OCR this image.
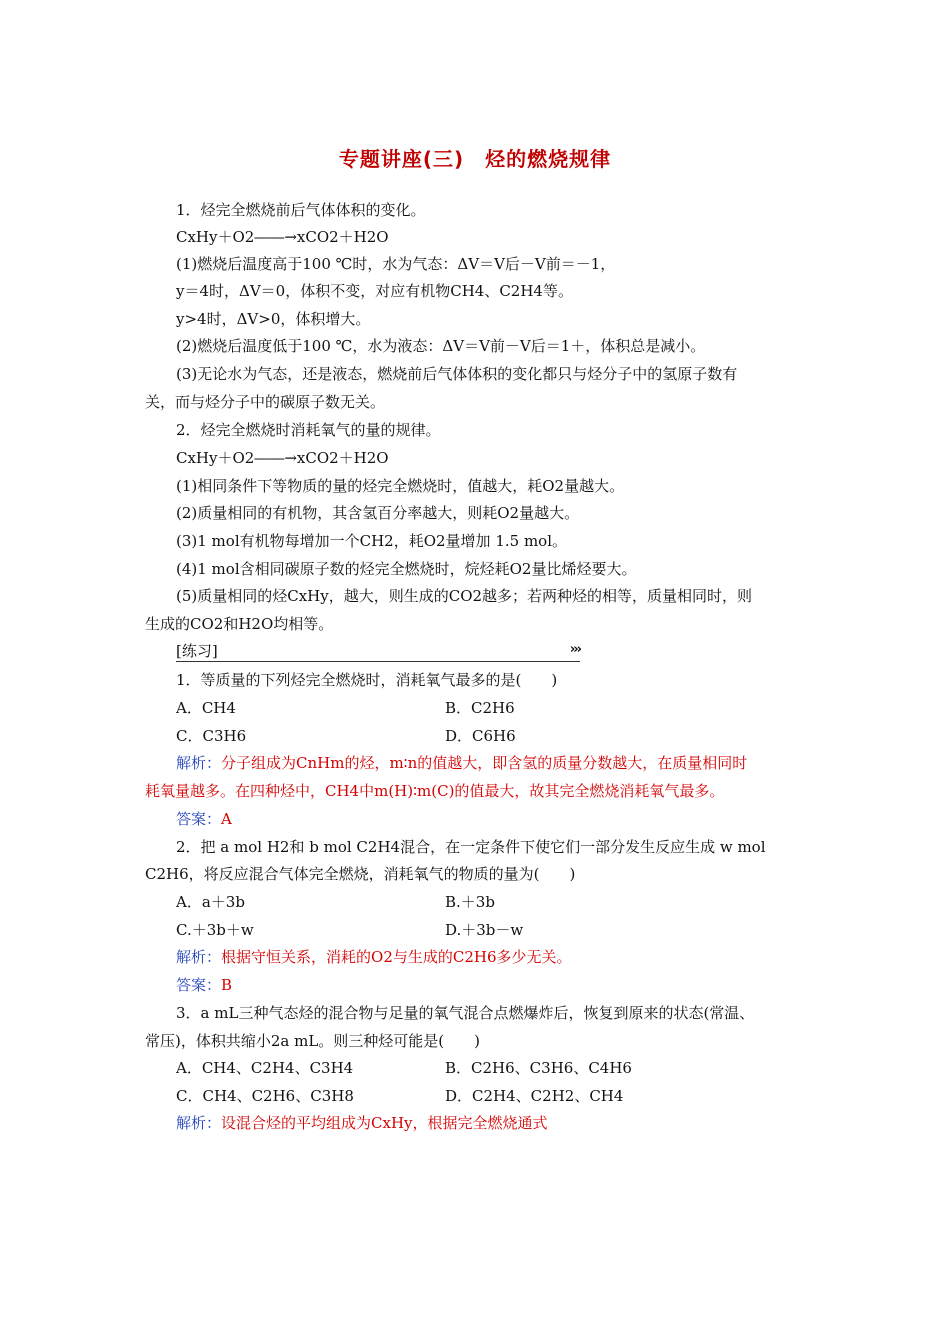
专题讲座(三)　烃的燃烧规律
1．烃完全燃烧前后气体体积的变化。
CxHy＋O2――→xCO2＋H2O
(1)燃烧后温度高于100 ℃时，水为气态：ΔV＝V后－V前＝－1，
y＝4时，ΔV＝0，体积不变，对应有机物CH4、C2H4等。
y>4时，ΔV>0，体积增大。
(2)燃烧后温度低于100 ℃，水为液态：ΔV＝V前－V后＝1＋，体积总是减小。
(3)无论水为气态，还是液态，燃烧前后气体体积的变化都只与烃分子中的氢原子数有
关，而与烃分子中的碳原子数无关。
2．烃完全燃烧时消耗氧气的量的规律。
CxHy＋O2――→xCO2＋H2O
(1)相同条件下等物质的量的烃完全燃烧时，值越大，耗O2量越大。
(2)质量相同的有机物，其含氢百分率越大，则耗O2量越大。
(3)1 mol有机物每增加一个CH2，耗O2量增加 1.5 mol。
(4)1 mol含相同碳原子数的烃完全燃烧时，烷烃耗O2量比烯烃要大。
(5)质量相同的烃CxHy，越大，则生成的CO2越多；若两种烃的相等，质量相同时，则
生成的CO2和H2O均相等。
[练习]	›››
1．等质量的下列烃完全燃烧时，消耗氧气最多的是(　　)
A．CH4	B．C2H6
C．C3H6	D．C6H6
解析：分子组成为CnHm的烃，m∶n的值越大，即含氢的质量分数越大，在质量相同时
耗氧量越多。在四种烃中，CH4中m(H)∶m(C)的值最大，故其完全燃烧消耗氧气最多。
答案：A
2．把 a mol H2和 b mol C2H4混合，在一定条件下使它们一部分发生反应生成 w mol
C2H6，将反应混合气体完全燃烧，消耗氧气的物质的量为(　　)
A．a＋3b	B.＋3b
C.＋3b＋w	D.＋3b－w
解析：根据守恒关系，消耗的O2与生成的C2H6多少无关。
答案：B
3．a mL三种气态烃的混合物与足量的氧气混合点燃爆炸后，恢复到原来的状态(常温、
常压)，体积共缩小2a mL。则三种烃可能是(　　)
A．CH4、C2H4、C3H4	B．C2H6、C3H6、C4H6
C．CH4、C2H6、C3H8	D．C2H4、C2H2、CH4
解析：设混合烃的平均组成为CxHy，根据完全燃烧通式
